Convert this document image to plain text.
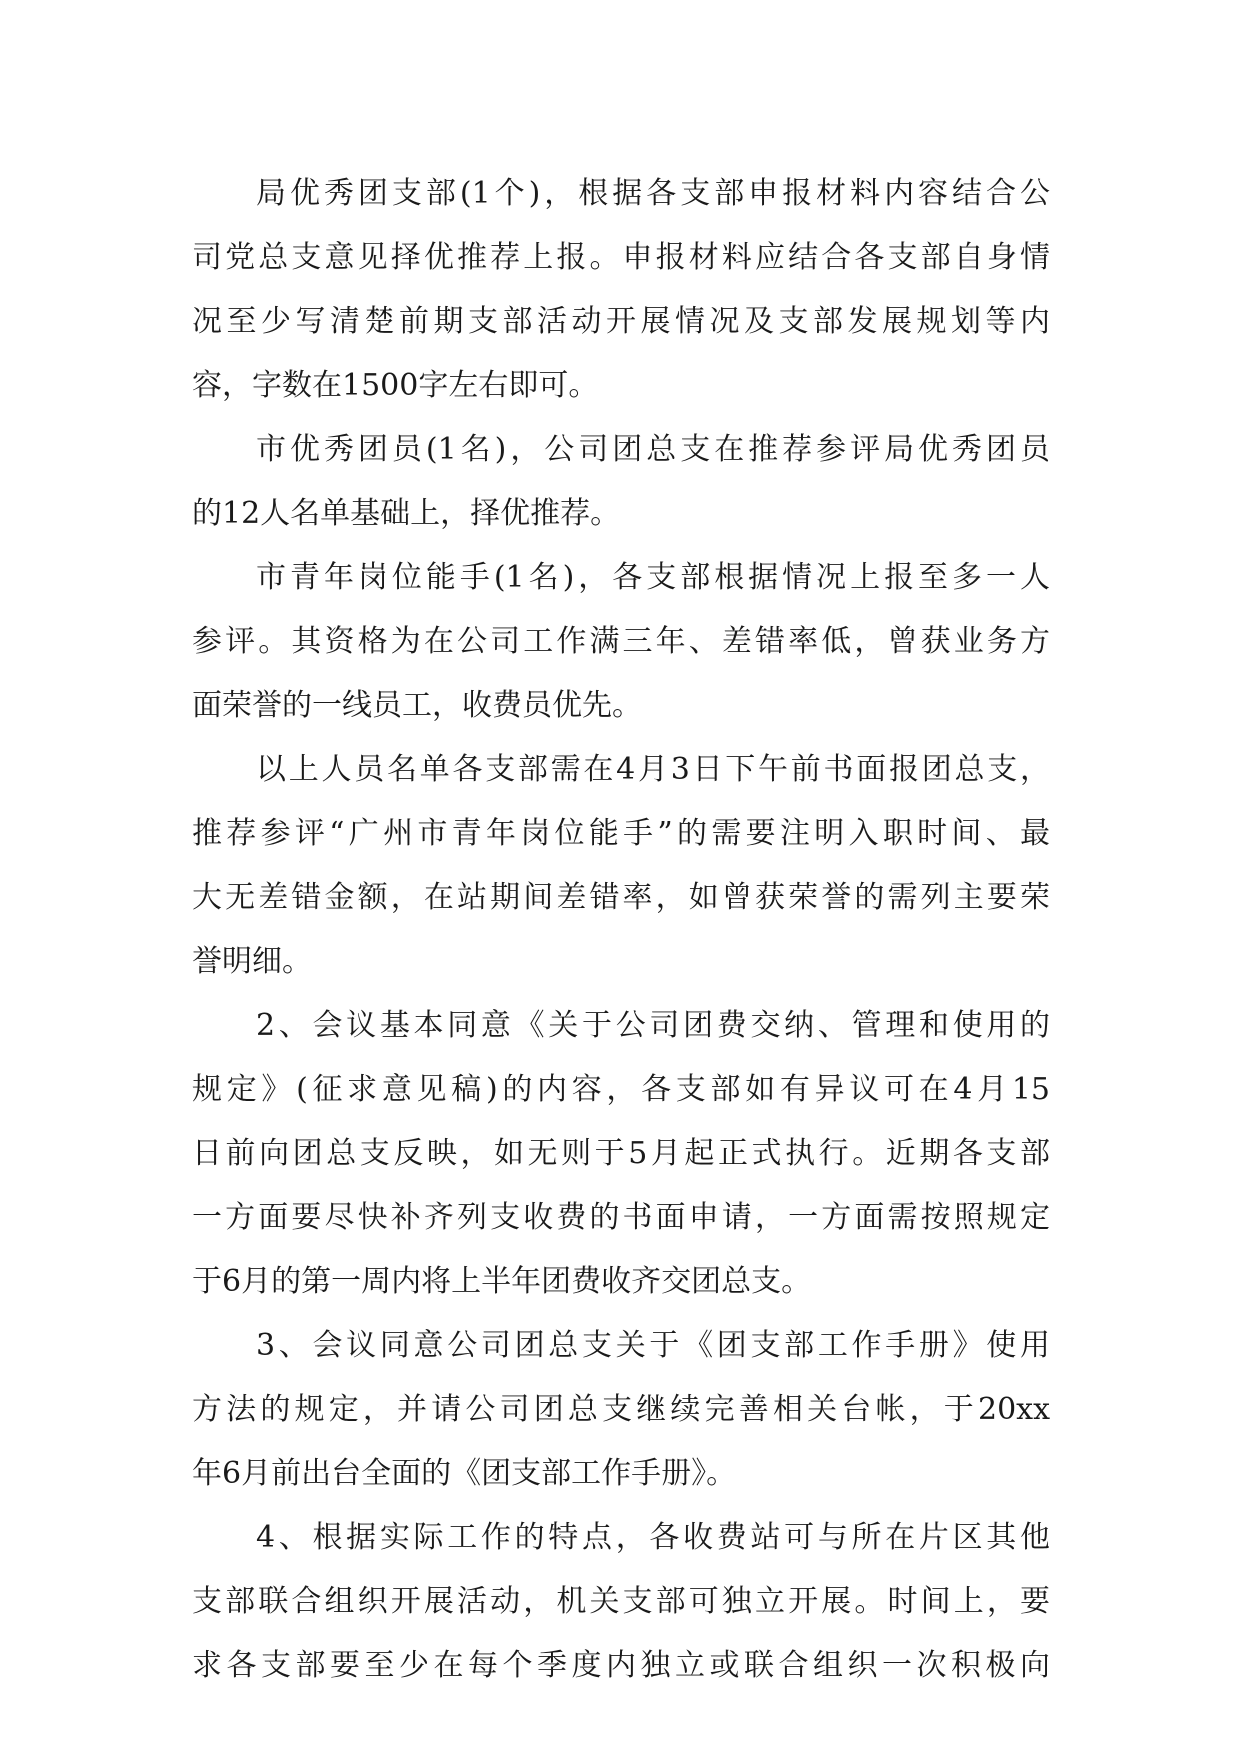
局优秀团支部(1个)，根据各支部申报材料内容结合公
司党总支意见择优推荐上报。申报材料应结合各支部自身情
况至少写清楚前期支部活动开展情况及支部发展规划等内
容，字数在1500字左右即可。
市优秀团员(1名)，公司团总支在推荐参评局优秀团员
的12人名单基础上，择优推荐。
市青年岗位能手(1名)，各支部根据情况上报至多一人
参评。其资格为在公司工作满三年、差错率低，曾获业务方
面荣誉的一线员工，收费员优先。
以上人员名单各支部需在4月3日下午前书面报团总支，
推荐参评“广州市青年岗位能手”的需要注明入职时间、最
大无差错金额，在站期间差错率，如曾获荣誉的需列主要荣
誉明细。
2、会议基本同意《关于公司团费交纳、管理和使用的
规定》(征求意见稿)的内容，各支部如有异议可在4月15
日前向团总支反映，如无则于5月起正式执行。近期各支部
一方面要尽快补齐列支收费的书面申请，一方面需按照规定
于6月的第一周内将上半年团费收齐交团总支。
3、会议同意公司团总支关于《团支部工作手册》使用
方法的规定，并请公司团总支继续完善相关台帐，于20xx
年6月前出台全面的《团支部工作手册》。
4、根据实际工作的特点，各收费站可与所在片区其他
支部联合组织开展活动，机关支部可独立开展。时间上，要
求各支部要至少在每个季度内独立或联合组织一次积极向
